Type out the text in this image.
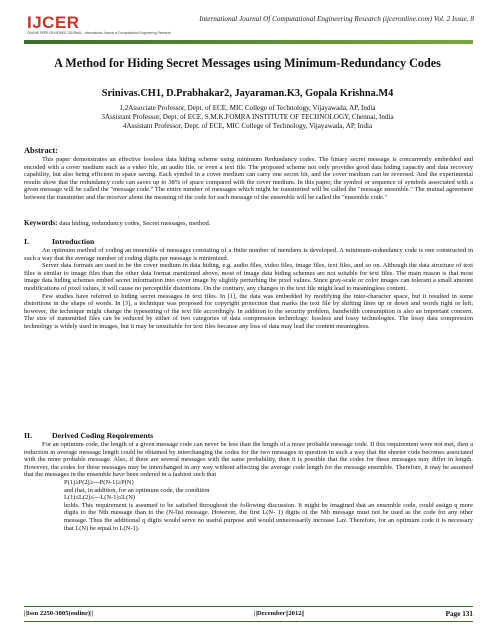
IJCER
ONLINE PEER REVIEWED JOURNAL · International Journal of Computational Engineering Research
International Journal Of Computational Engineering Research (ijceronline.com) Vol. 2 Issue. 8
A Method for Hiding Secret Messages using Minimum-Redundancy Codes
Srinivas.CH1, D.Prabhakar2, Jayaraman.K3, Gopala Krishna.M4
1,2Associate Professor, Dept. of ECE, MIC College of Technology, Vijayawada, AP, India
3Assistant Professor, Dept. of ECE, S.M.K.FOMRA INSTITUTE OF TECHNOLOGY, Chennai, India
4Assistant Professor, Dept. of ECE, MIC College of Technology, Vijayawada, AP, India
Abstract:
This paper demonstrates an effective lossless data hiding scheme using minimum Redundancy codes. The binary secret message is concurrently embedded and encoded with a cover medium such as a video file, an audio file, or even a text file. The proposed scheme not only provides good data hiding capacity and data recovery capability, but also being efficient in space saving. Each symbol in a cover medium can carry one secret bit, and the cover medium can be reversed. And the experimental results show that the redundancy code can saves up to 38% of space compared with the cover medium. In this paper, the symbol or sequence of symbols associated with a given message will be called the "message code." The entire number of messages which might be transmitted will be called the "message ensemble." The mutual agreement between the transmitter and the receiver about the meaning of the code for each message of the ensemble will be called the "ensemble code."
Keywords: data hiding, redundancy codes, Secret messages, method.
I.	Introduction
An optimum method of coding an ensemble of messages consisting of a finite number of members is developed. A minimum-redundancy code is one constructed in such a way that the average number of coding digits per message is minimized.
Server data formats are used to be the cover medium in data hiding, e.g. audio files, video files, image files, text files, and so on. Although the data structure of text files is similar to image files than the other data format mentioned above, most of image data hiding schemes are not suitable for text files. The main reason is that most image data hiding schemes embed secret information into cover image by slightly perturbing the pixel values. Since gray-scale or color images can tolerant a small amount modifications of pixel values, it will cause no perceptible distortions. On the contrary, any changes in the text file might lead to meaningless content.
Few studies have referred to hiding secret messages in text files. In [1], the data was embedded by modifying the inter-character space, but it resulted in some distortions in the shape of words. In [3], a technique was proposed for copyright protection that marks the text file by shifting lines up or down and words right or left; however, the technique might change the typesetting of the text file accordingly. In addition to the security problem, bandwidth consumption is also an important concern. The size of transmitted files can be reduced by either of two categories of data compression technology: lossless and lossy technologies. The lossy data compression technology is widely used in images, but it may be unsuitable for text files because any loss of data may lead the content meaningless.
II.	Derived Coding Requirements
For an optimum code, the length of a given message code can never be less than the length of a more probable message code. If this requirement were not met, then a reduction in average message length could be obtained by interchanging the codes for the two messages in question in such a way that the shorter code becomes associated with the more probable message. Also, if there are several messages with the same probability, then it is possible that the codes for these messages may differ in length. However, the codes for these messages may be interchanged in any way without affecting the average code length for the message ensemble. Therefore, it may be assumed that the messages in the ensemble have been ordered in a fashion such that
P(1)≥P(2)≥---P(N-1)≥P(N)
and that, in addition, for an optimum code, the condition
L(1)≤L(2)≤---L(N-1)≤L(N)
holds. This requirement is assumed to be satisfied throughout the following discussion. It might be imagined that an ensemble code, could assign q more digits to the Nth message than to the (N-l)st message. However, the first L(N- 1) digits of the Nth message must not be used as the code for any other message. Thus the additional q digits would serve no useful purpose and would unnecessarily increase Lav. Therefore, for an optimum code it is necessary that L(N) be equal to L(N-1).
||Issn 2250-3005(online)||	||December||2012||	Page 131
